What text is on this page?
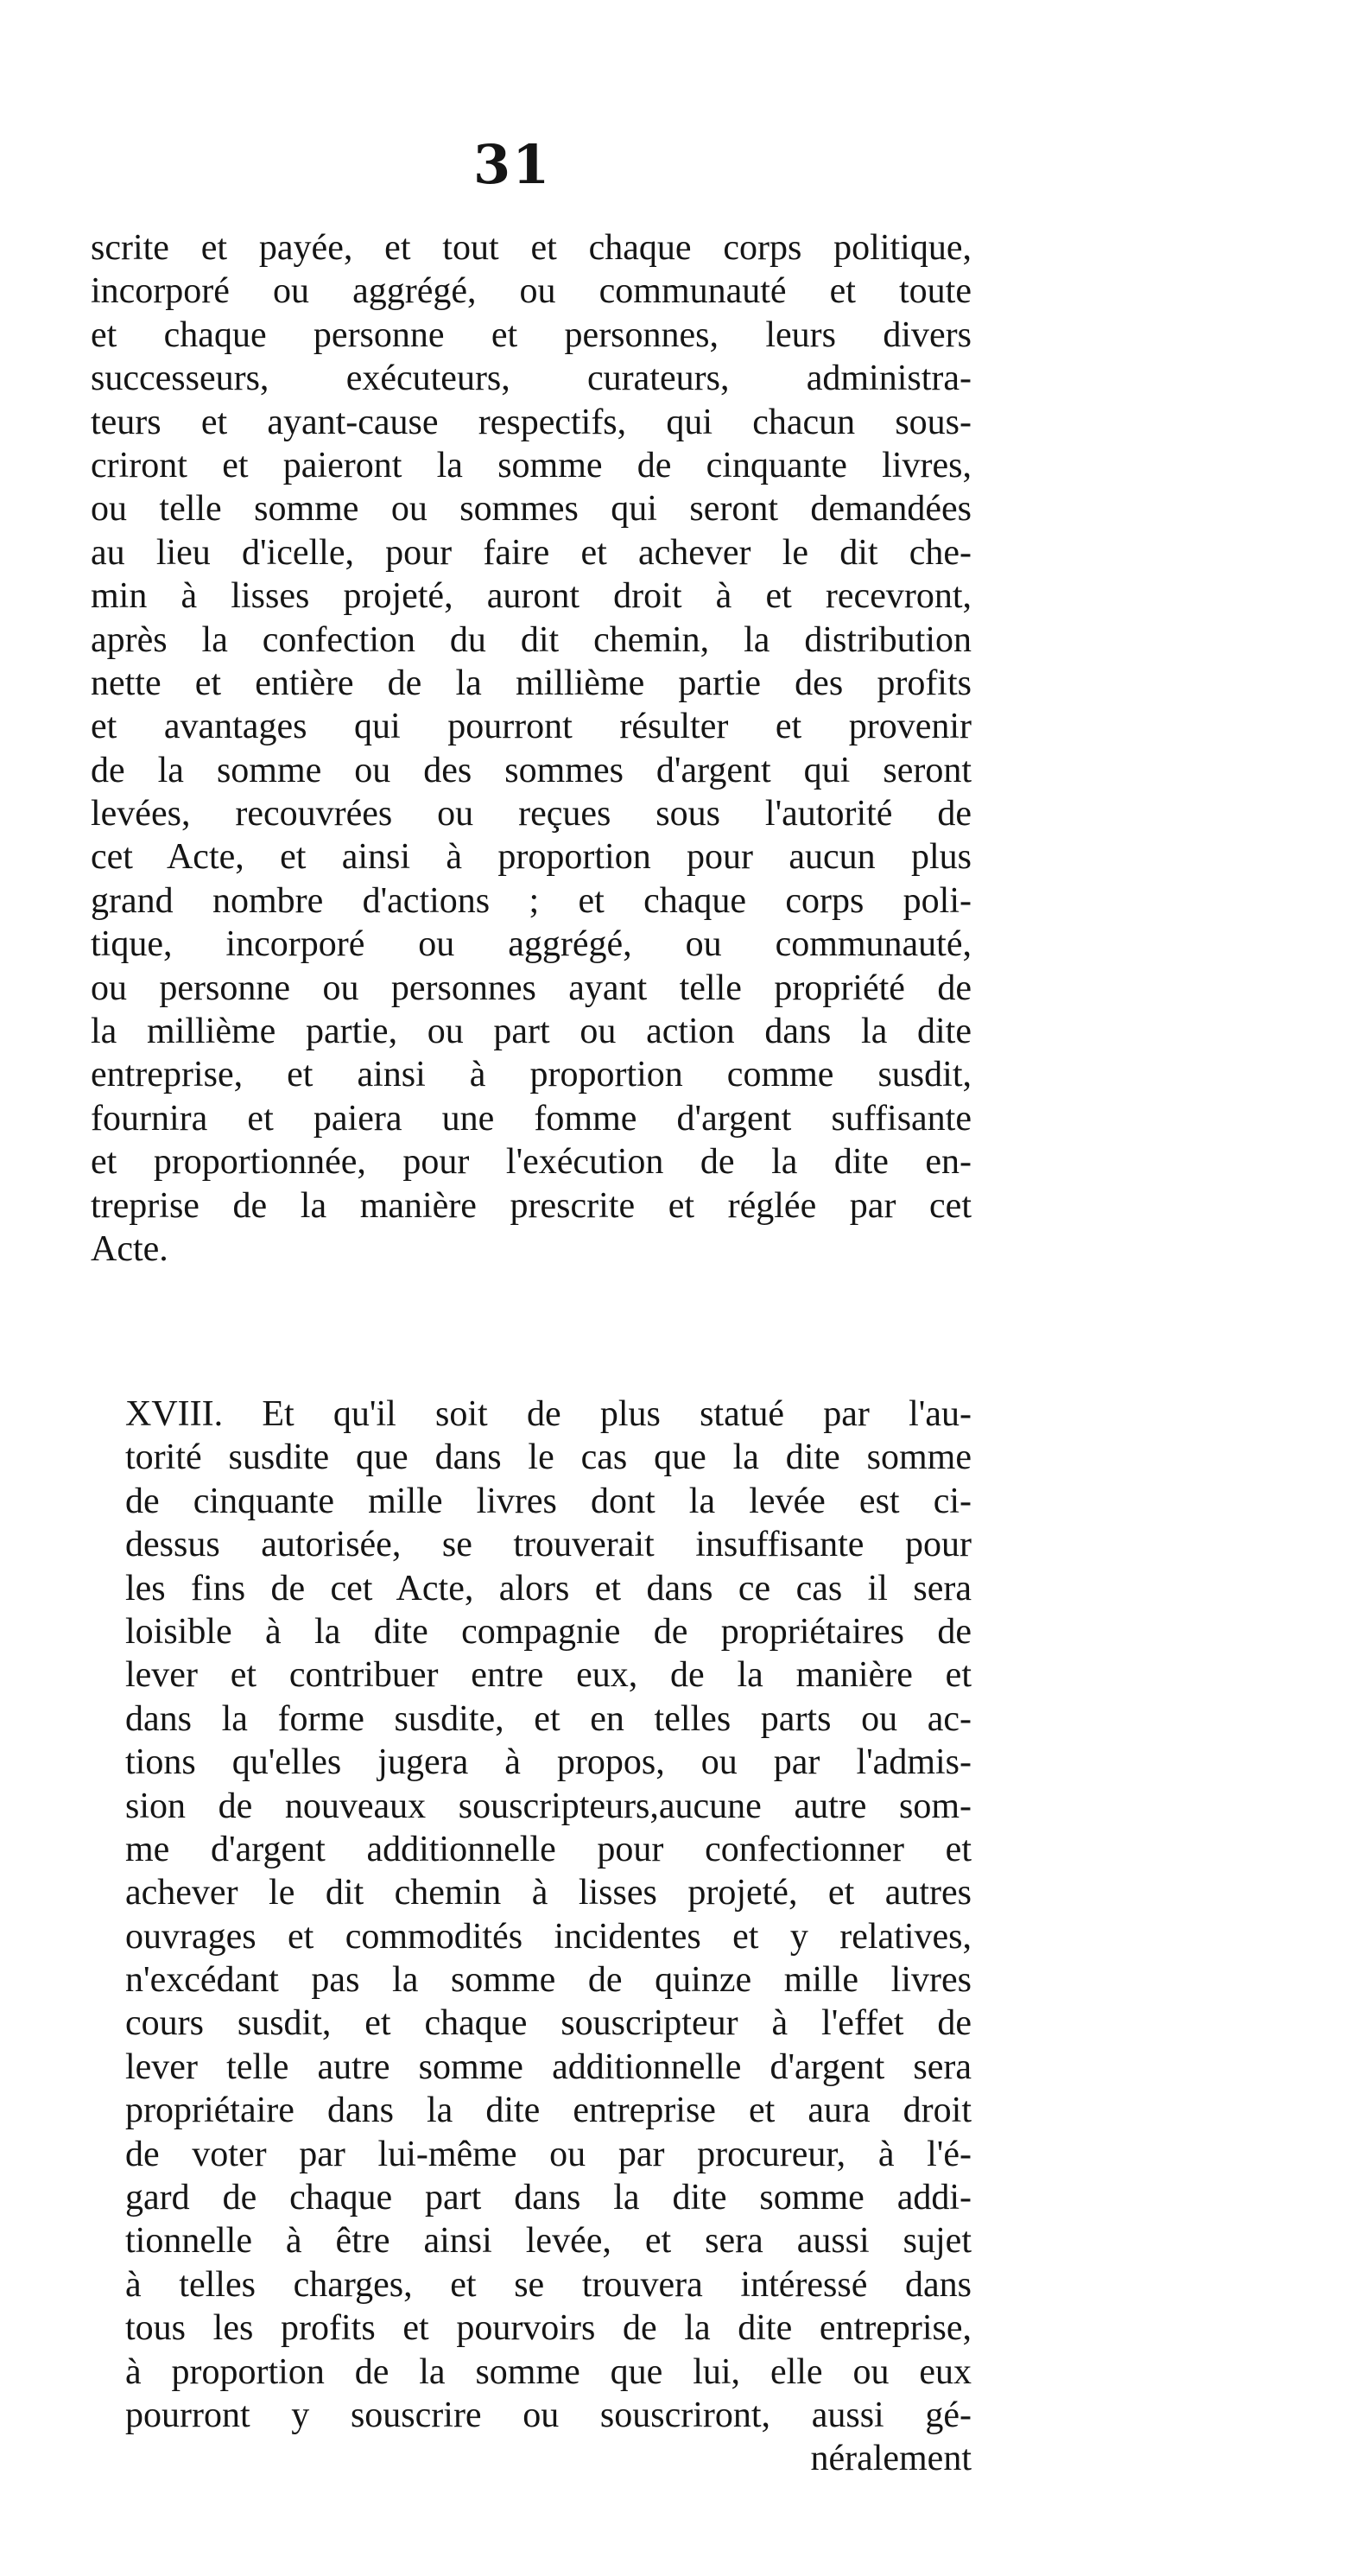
31
scrite et payée, et tout et chaque corps politique,
incorporé ou aggrégé, ou communauté et toute
et chaque personne et personnes, leurs divers
successeurs, exécuteurs, curateurs, administra-
teurs et ayant-cause respectifs, qui chacun sous-
criront et paieront la somme de cinquante livres,
ou telle somme ou sommes qui seront demandées
au lieu d'icelle, pour faire et achever le dit che-
min à lisses projeté, auront droit à et recevront,
après la confection du dit chemin, la distribution
nette et entière de la millième partie des profits
et avantages qui pourront résulter et provenir
de la somme ou des sommes d'argent qui seront
levées, recouvrées ou reçues sous l'autorité de
cet Acte, et ainsi à proportion pour aucun plus
grand nombre d'actions ; et chaque corps poli-
tique, incorporé ou aggrégé, ou communauté,
ou personne ou personnes ayant telle propriété de
la millième partie, ou part ou action dans la dite
entreprise, et ainsi à proportion comme susdit,
fournira et paiera une fomme d'argent suffisante
et proportionnée, pour l'exécution de la dite en-
treprise de la manière prescrite et réglée par cet
Acte.
XVIII. Et qu'il soit de plus statué par l'au-
torité susdite que dans le cas que la dite somme
de cinquante mille livres dont la levée est ci-
dessus autorisée, se trouverait insuffisante pour
les fins de cet Acte, alors et dans ce cas il sera
loisible à la dite compagnie de propriétaires de
lever et contribuer entre eux, de la manière et
dans la forme susdite, et en telles parts ou ac-
tions qu'elles jugera à propos, ou par l'admis-
sion de nouveaux souscripteurs,aucune autre som-
me d'argent additionnelle pour confectionner et
achever le dit chemin à lisses projeté, et autres
ouvrages et commodités incidentes et y relatives,
n'excédant pas la somme de quinze mille livres
cours susdit, et chaque souscripteur à l'effet de
lever telle autre somme additionnelle d'argent sera
propriétaire dans la dite entreprise et aura droit
de voter par lui-même ou par procureur, à l'é-
gard de chaque part dans la dite somme addi-
tionnelle à être ainsi levée, et sera aussi sujet
à telles charges, et se trouvera intéressé dans
tous les profits et pourvoirs de la dite entreprise,
à proportion de la somme que lui, elle ou eux
pourront y souscrire ou souscriront, aussi gé-
néralement
